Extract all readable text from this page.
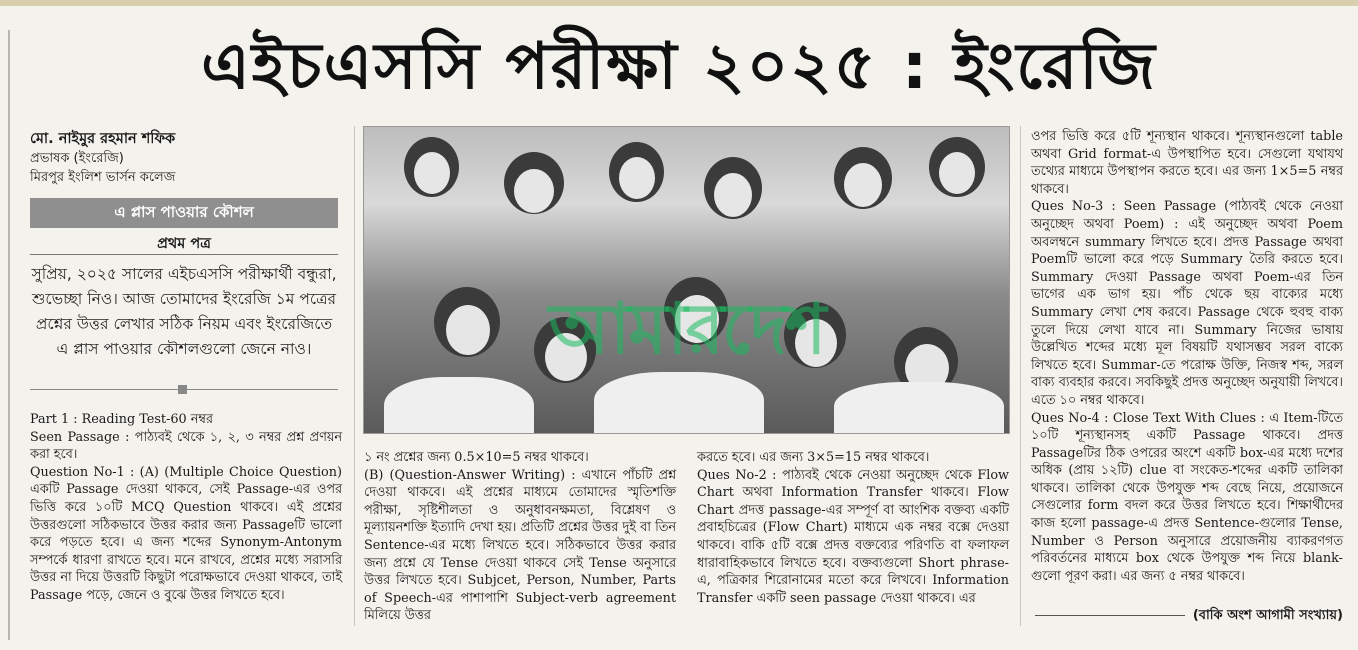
এইচএসসি পরীক্ষা ২০২৫ : ইংরেজি
মো. নাইমুর রহমান শফিক
প্রভাষক (ইংরেজি)
মিরপুর ইংলিশ ভার্সন কলেজ
এ প্লাস পাওয়ার কৌশল
প্রথম পত্র
সুপ্রিয়, ২০২৫ সালের এইচএসসি পরীক্ষার্থী বন্ধুরা, শুভেচ্ছা নিও। আজ তোমাদের ইংরেজি ১ম পত্রের প্রশ্নের উত্তর লেখার সঠিক নিয়ম এবং ইংরেজিতে এ প্লাস পাওয়ার কৌশলগুলো জেনে নাও।

Part 1 : Reading Test-60 নম্বর

Seen Passage : পাঠ্যবই থেকে ১, ২, ৩ নম্বর প্রশ্ন প্রণয়ন করা হবে।

Question No-1 : (A) (Multiple Choice Question) একটি Passage দেওয়া থাকবে, সেই Passage-এর ওপর ভিত্তি করে ১০টি MCQ Question থাকবে। এই প্রশ্নের উত্তরগুলো সঠিকভাবে উত্তর করার জন্য Passageটি ভালো করে পড়তে হবে। এ জন্য শব্দের Synonym-Antonym সম্পর্কে ধারণা রাখতে হবে। মনে রাখবে, প্রশ্নের মধ্যে সরাসরি উত্তর না দিয়ে উত্তরটি কিছুটা পরোক্ষভাবে দেওয়া থাকবে, তাই Passage পড়ে, জেনে ও বুঝে উত্তর লিখতে হবে।

আমারদেশ

১ নং প্রশ্নের জন্য 0.5×10=5 নম্বর থাকবে।

(B) (Question-Answer Writing) : এখানে পাঁচটি প্রশ্ন দেওয়া থাকবে। এই প্রশ্নের মাধ্যমে তোমাদের স্মৃতিশক্তি পরীক্ষা, সৃষ্টিশীলতা ও অনুধাবনক্ষমতা, বিশ্লেষণ ও মূল্যায়নশক্তি ইত্যাদি দেখা হয়। প্রতিটি প্রশ্নের উত্তর দুই বা তিন Sentence-এর মধ্যে লিখতে হবে। সঠিকভাবে উত্তর করার জন্য প্রশ্নে যে Tense দেওয়া থাকবে সেই Tense অনুসারে উত্তর লিখতে হবে। Subjcet, Person, Number, Parts of Speech-এর পাশাপাশি Subject-verb agreement মিলিয়ে উত্তর

করতে হবে। এর জন্য 3×5=15 নম্বর থাকবে।

Ques No-2 : পাঠ্যবই থেকে নেওয়া অনুচ্ছেদ থেকে Flow Chart অথবা Information Transfer থাকবে। Flow Chart প্রদত্ত passage-এর সম্পূর্ণ বা আংশিক বক্তব্য একটি প্রবাহচিত্রের (Flow Chart) মাধ্যমে এক নম্বর বক্সে দেওয়া থাকবে। বাকি ৫টি বক্সে প্রদত্ত বক্তব্যের পরিণতি বা ফলাফল ধারাবাহিকভাবে লিখতে হবে। বক্তব্যগুলো Short phrase-এ, পত্রিকার শিরোনামের মতো করে লিখবে। Information Transfer একটি seen passage দেওয়া থাকবে। এর

ওপর ভিত্তি করে ৫টি শূন্যস্থান থাকবে। শূন্যস্থানগুলো table অথবা Grid format-এ উপস্থাপিত হবে। সেগুলো যথাযথ তথ্যের মাধ্যমে উপস্থাপন করতে হবে। এর জন্য 1×5=5 নম্বর থাকবে।

Ques No-3 : Seen Passage (পাঠ্যবই থেকে নেওয়া অনুচ্ছেদ অথবা Poem) : এই অনুচ্ছেদ অথবা Poem অবলম্বনে summary লিখতে হবে। প্রদত্ত Passage অথবা Poemটি ভালো করে পড়ে Summary তৈরি করতে হবে। Summary দেওয়া Passage অথবা Poem-এর তিন ভাগের এক ভাগ হয়। পাঁচ থেকে ছয় বাক্যের মধ্যে Summary লেখা শেষ করবে। Passage থেকে হুবহু বাক্য তুলে দিয়ে লেখা যাবে না। Summary নিজের ভাষায় উল্লেখিত শব্দের মধ্যে মূল বিষয়টি যথাসম্ভব সরল বাক্যে লিখতে হবে। Summar-তে পরোক্ষ উক্তি, নিজস্ব শব্দ, সরল বাক্য ব্যবহার করবে। সবকিছুই প্রদত্ত অনুচ্ছেদ অনুযায়ী লিখবে। এতে ১০ নম্বর থাকবে।

Ques No-4 : Close Text With Clues : এ Item-টিতে ১০টি শূন্যস্থানসহ একটি Passage থাকবে। প্রদত্ত Passageটির ঠিক ওপরের অংশে একটি box-এর মধ্যে দশের অধিক (প্রায় ১২টি) clue বা সংকেত-শব্দের একটি তালিকা থাকবে। তালিকা থেকে উপযুক্ত শব্দ বেছে নিয়ে, প্রয়োজনে সেগুলোর form বদল করে উত্তর লিখতে হবে। শিক্ষার্থীদের কাজ হলো passage-এ প্রদত্ত Sentence-গুলোর Tense, Number ও Person অনুসারে প্রয়োজনীয় ব্যাকরণগত পরিবর্তনের মাধ্যমে box থেকে উপযুক্ত শব্দ নিয়ে blank-গুলো পূরণ করা। এর জন্য ৫ নম্বর থাকবে।

(বাকি অংশ আগামী সংখ্যায়)
